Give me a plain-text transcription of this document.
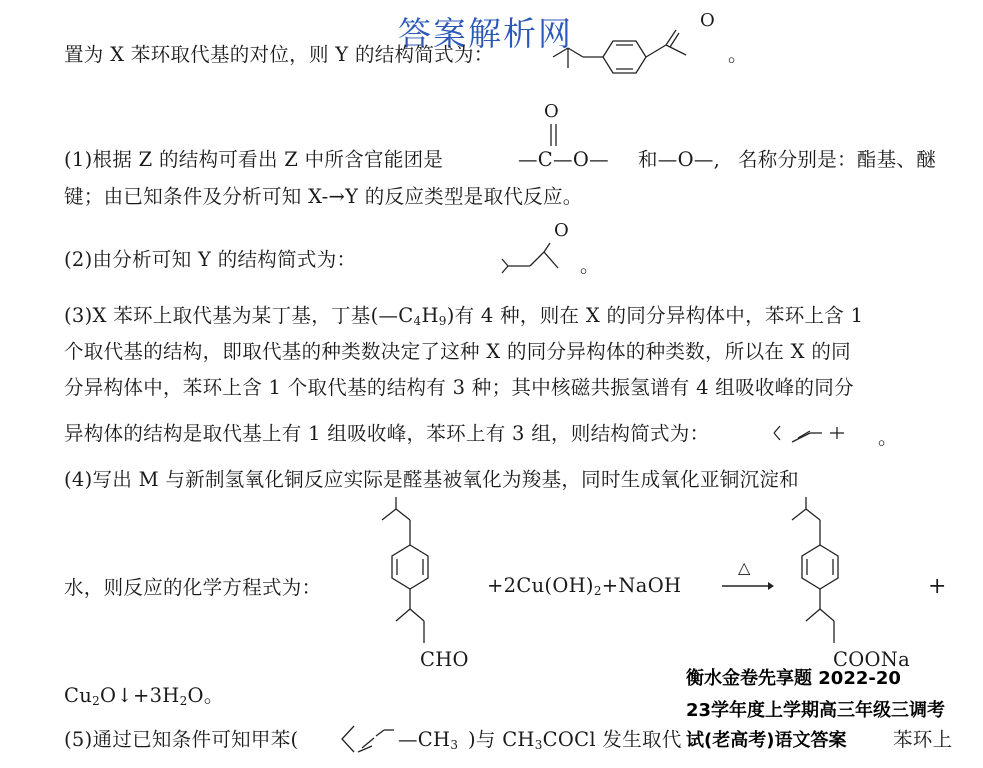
答案解析网
置为 X 苯环取代基的对位，则 Y 的结构简式为：
O
。
(1)根据 Z 的结构可看出 Z 中所含官能团是
O
—C—O— 和—O—, 名称分别是：酯基、醚
键；由已知条件及分析可知 X-→Y 的反应类型是取代反应。
(2)由分析可知 Y 的结构简式为：
O
。
(3)X 苯环上取代基为某丁基，丁基$(—C_4H_9)$有 4 种，则在 X 的同分异构体中，苯环上含 1
个取代基的结构，即取代基的种类数决定了这种 X 的同分异构体的种类数，所以在 X 的同
分异构体中，苯环上含 1 个取代基的结构有 3 种；其中核磁共振氢谱有 4 组吸收峰的同分
异构体的结构是取代基上有 1 组吸收峰，苯环上有 3 组，则结构简式为：	。
(4)写出 M 与新制氢氧化铜反应实际是醛基被氧化为羧基，同时生成氧化亚铜沉淀和
水，则反应的化学方程式为：
CHO
$+2Cu(OH)_2+NaOH$
△
COONa
+
$Cu_2O↓+3H_2O$。
(5)通过已知条件可知甲苯(	$—CH_3$ )与 $CH_3COCl$ 发生取代	苯环上
衡水金卷先享题 2022-20
23学年度上学期高三年级三调考
试(老高考)语文答案
